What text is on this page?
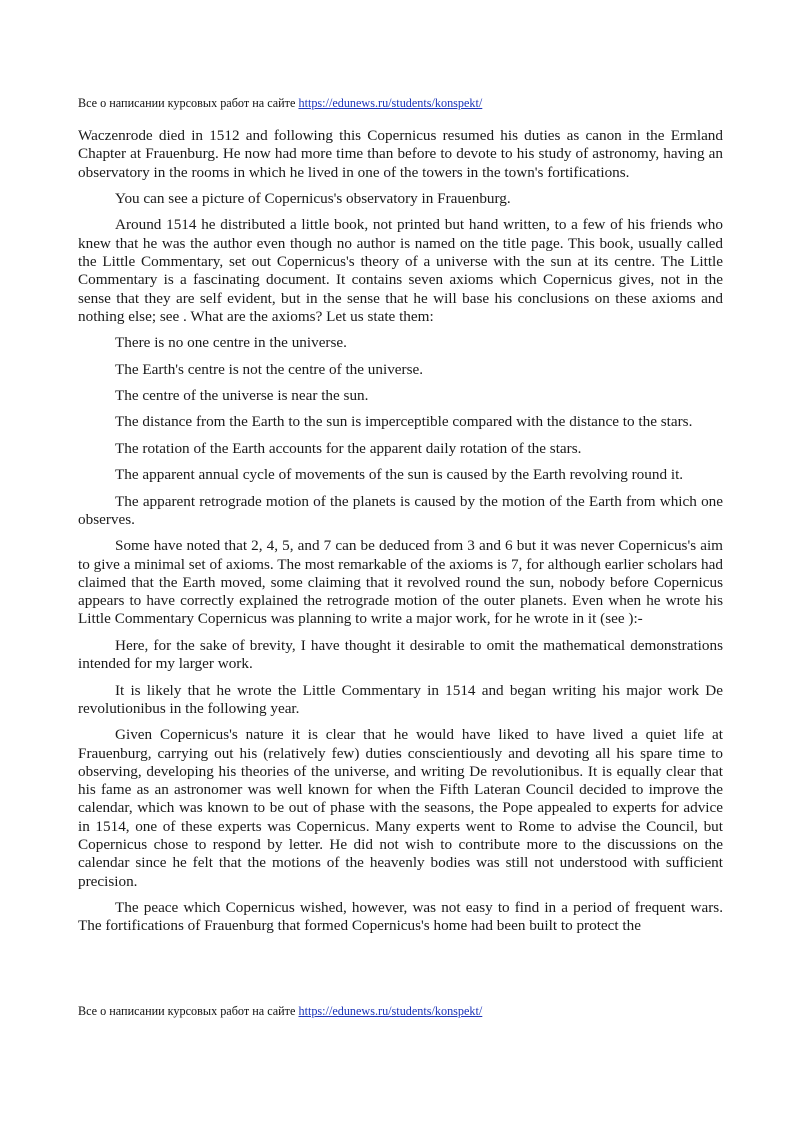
Все о написании курсовых работ на сайте https://edunews.ru/students/konspekt/

Waczenrode died in 1512 and following this Copernicus resumed his duties as canon in the Ermland Chapter at Frauenburg. He now had more time than before to devote to his study of astronomy, having an observatory in the rooms in which he lived in one of the towers in the town's fortifications.

You can see a picture of Copernicus's observatory in Frauenburg.

Around 1514 he distributed a little book, not printed but hand written, to a few of his friends who knew that he was the author even though no author is named on the title page. This book, usually called the Little Commentary, set out Copernicus's theory of a universe with the sun at its centre. The Little Commentary is a fascinating document. It contains seven axioms which Copernicus gives, not in the sense that they are self evident, but in the sense that he will base his conclusions on these axioms and nothing else; see . What are the axioms? Let us state them:

There is no one centre in the universe.

The Earth's centre is not the centre of the universe.

The centre of the universe is near the sun.

The distance from the Earth to the sun is imperceptible compared with the distance to the stars.

The rotation of the Earth accounts for the apparent daily rotation of the stars.

The apparent annual cycle of movements of the sun is caused by the Earth revolving round it.

The apparent retrograde motion of the planets is caused by the motion of the Earth from which one observes.

Some have noted that 2, 4, 5, and 7 can be deduced from 3 and 6 but it was never Copernicus's aim to give a minimal set of axioms. The most remarkable of the axioms is 7, for although earlier scholars had claimed that the Earth moved, some claiming that it revolved round the sun, nobody before Copernicus appears to have correctly explained the retrograde motion of the outer planets. Even when he wrote his Little Commentary Copernicus was planning to write a major work, for he wrote in it (see ):-

Here, for the sake of brevity, I have thought it desirable to omit the mathematical demonstrations intended for my larger work.

It is likely that he wrote the Little Commentary in 1514 and began writing his major work De revolutionibus in the following year.

Given Copernicus's nature it is clear that he would have liked to have lived a quiet life at Frauenburg, carrying out his (relatively few) duties conscientiously and devoting all his spare time to observing, developing his theories of the universe, and writing De revolutionibus. It is equally clear that his fame as an astronomer was well known for when the Fifth Lateran Council decided to improve the calendar, which was known to be out of phase with the seasons, the Pope appealed to experts for advice in 1514, one of these experts was Copernicus. Many experts went to Rome to advise the Council, but Copernicus chose to respond by letter. He did not wish to contribute more to the discussions on the calendar since he felt that the motions of the heavenly bodies was still not understood with sufficient precision.

The peace which Copernicus wished, however, was not easy to find in a period of frequent wars. The fortifications of Frauenburg that formed Copernicus's home had been built to protect the

Все о написании курсовых работ на сайте https://edunews.ru/students/konspekt/
